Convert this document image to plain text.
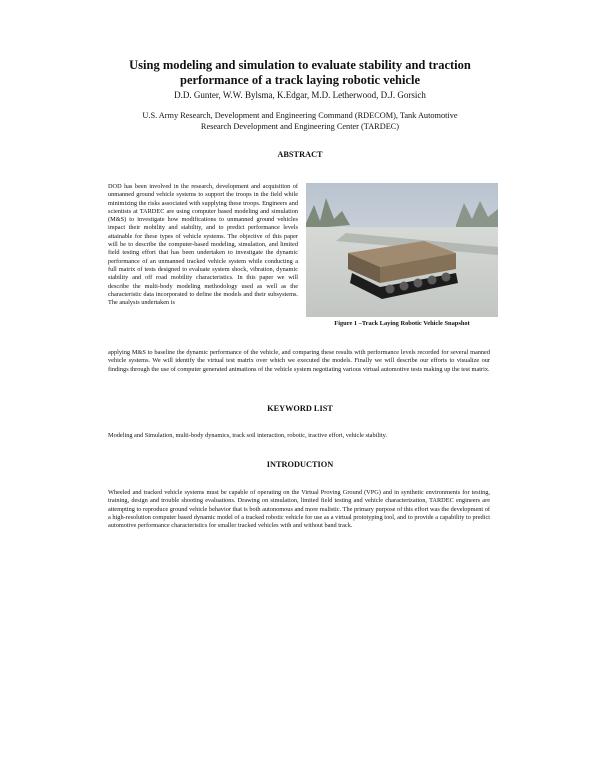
Using modeling and simulation to evaluate stability and traction
performance of a track laying robotic vehicle
D.D. Gunter, W.W. Bylsma, K.Edgar, M.D. Letherwood, D.J. Gorsich
U.S. Army Research, Development and Engineering Command (RDECOM), Tank Automotive
Research Development and Engineering Center (TARDEC)
ABSTRACT

DOD has been involved in the research, development and acquisition of unmanned ground vehicle systems to support the troops in the field while minimizing the risks associated with supplying these troops. Engineers and scientists at TARDEC are using computer based modeling and simulation (M&S) to investigate how modifications to unmanned ground vehicles impact their mobility and stability, and to predict performance levels attainable for these types of vehicle systems. The objective of this paper will be to describe the computer-based modeling, simulation, and limited field testing effort that has been undertaken to investigate the dynamic performance of an unmanned tracked vehicle system while conducting a full matrix of tests designed to evaluate system shock, vibration, dynamic stability and off road mobility characteristics. In this paper we will describe the multi-body modeling methodology used as well as the characteristic data incorporated to define the models and their subsystems. The analysis undertaken is

Figure 1 –Track Laying Robotic Vehicle Snapshot

applying M&S to baseline the dynamic performance of the vehicle, and comparing these results with performance levels recorded for several manned vehicle systems. We will identify the virtual test matrix over which we executed the models. Finally we will describe our efforts to visualize our findings through the use of computer generated animations of the vehicle system negotiating various virtual automotive tests making up the test matrix.

KEYWORD LIST

Modeling and Simulation, multi-body dynamics, track soil interaction, robotic, tractive effort, vehicle stability.

INTRODUCTION

Wheeled and tracked vehicle systems must be capable of operating on the Virtual Proving Ground (VPG) and in synthetic environments for testing, training, design and trouble shooting evaluations. Drawing on simulation, limited field testing and vehicle characterization, TARDEC engineers are attempting to reproduce ground vehicle behavior that is both autonomous and more realistic. The primary purpose of this effort was the development of a high-resolution computer based dynamic model of a tracked robotic vehicle for use as a virtual prototyping tool, and to provide a capability to predict automotive performance characteristics for smaller tracked vehicles with and without band track.
